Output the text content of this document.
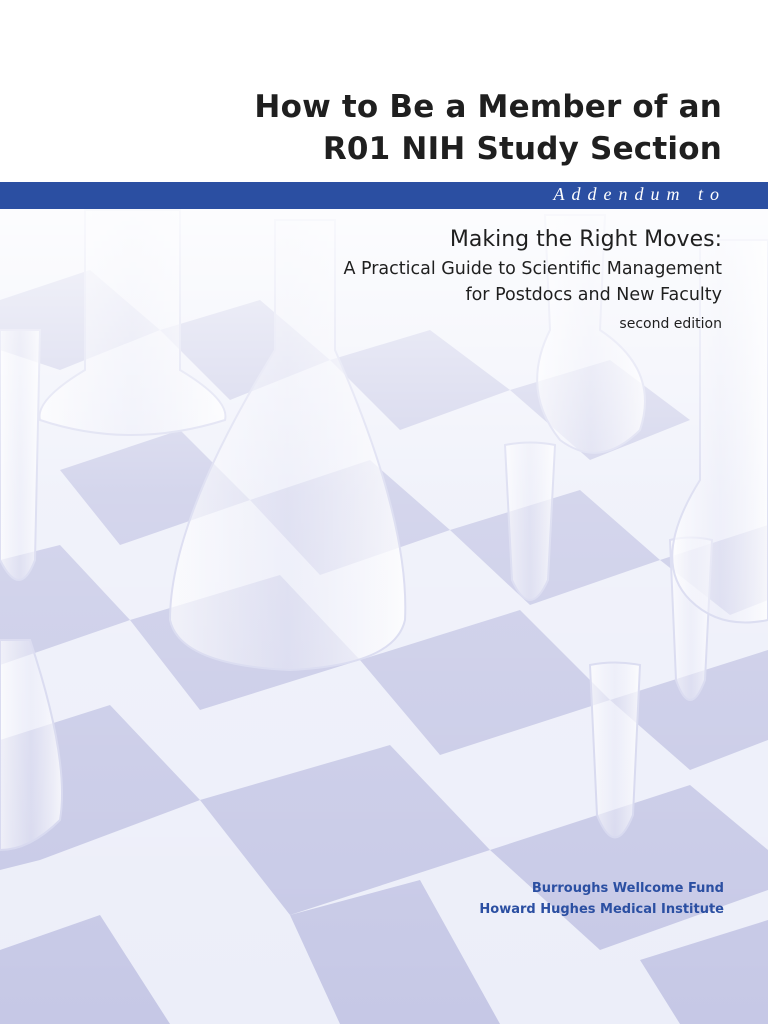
How to Be a Member of an
R01 NIH Study Section
Addendum to
Making the Right Moves:
A Practical Guide to Scientific Management
for Postdocs and New Faculty
second edition
Burroughs Wellcome Fund
Howard Hughes Medical Institute
